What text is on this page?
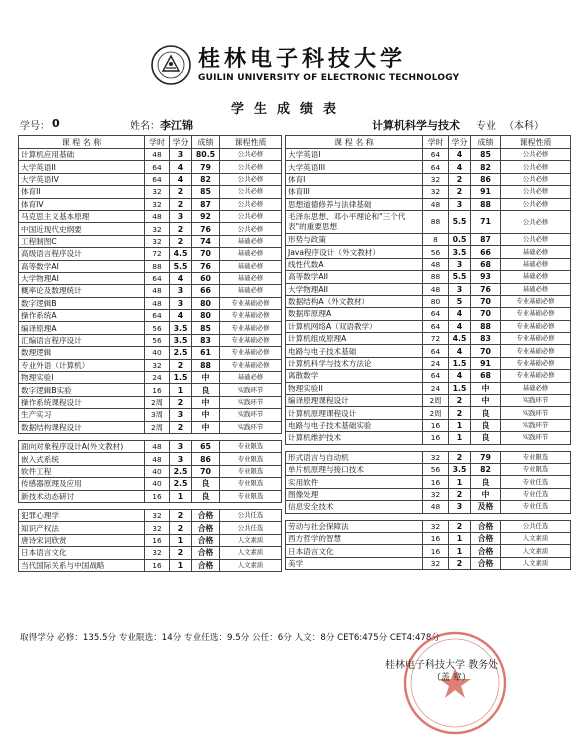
桂林电子科技大学
GUILIN UNIVERSITY OF ELECTRONIC TECHNOLOGY
学生成绩表
学号： 0	姓名： 李江锦	计算机科学与技术 专业 （本科）
课 程 名 称	学时	学分	成绩	课程性质
计算机应用基础	48	3	80.5	公共必修
大学英语II	64	4	79	公共必修
大学英语IV	64	4	82	公共必修
体育II	32	2	85	公共必修
体育IV	32	2	87	公共必修
马克思主义基本原理	48	3	92	公共必修
中国近现代史纲要	32	2	76	公共必修
工程制图C	32	2	74	基础必修
高级语言程序设计	72	4.5	70	基础必修
高等数学AI	88	5.5	76	基础必修
大学物理AI	64	4	60	基础必修
概率论及数理统计	48	3	66	基础必修
数字逻辑B	48	3	80	专业基础必修
操作系统A	64	4	80	专业基础必修
编译原理A	56	3.5	85	专业基础必修
汇编语言程序设计	56	3.5	83	专业基础必修
数理逻辑	40	2.5	61	专业基础必修
专业外语（计算机）	32	2	88	专业基础必修
物理实验I	24	1.5	中	基础必修
数字逻辑B实验	16	1	良	实践环节
操作系统课程设计	2周	2	中	实践环节
生产实习	3周	3	中	实践环节
数据结构课程设计	2周	2	中	实践环节

面向对象程序设计A(外文教材)	48	3	65	专业限选
嵌入式系统	48	3	86	专业限选
软件工程	40	2.5	70	专业限选
传感器原理及应用	40	2.5	良	专业限选
新技术动态研讨	16	1	良	专业限选

犯罪心理学	32	2	合格	公共任选
知识产权法	32	2	合格	公共任选
唐诗宋词欣赏	16	1	合格	人文素质
日本语言文化	32	2	合格	人文素质
当代国际关系与中国战略	16	1	合格	人文素质
课 程 名 称	学时	学分	成绩	课程性质
大学英语I	64	4	85	公共必修
大学英语III	64	4	82	公共必修
体育I	32	2	86	公共必修
体育III	32	2	91	公共必修
思想道德修养与法律基础	48	3	88	公共必修
毛泽东思想、邓小平理论和"三个代表"的重要思想	88	5.5	71	公共必修
形势与政策	8	0.5	87	公共必修
Java程序设计（外文教材）	56	3.5	66	基础必修
线性代数A	48	3	68	基础必修
高等数学AII	88	5.5	93	基础必修
大学物理AII	48	3	76	基础必修
数据结构A（外文教材）	80	5	70	专业基础必修
数据库原理A	64	4	70	专业基础必修
计算机网络A（双语教学）	64	4	88	专业基础必修
计算机组成原理A	72	4.5	83	专业基础必修
电路与电子技术基础	64	4	70	专业基础必修
计算机科学与技术方法论	24	1.5	91	专业基础必修
离散数学	64	4	68	专业基础必修
物理实验II	24	1.5	中	基础必修
编译原理课程设计	2周	2	中	实践环节
计算机原理课程设计	2周	2	良	实践环节
电路与电子技术基础实验	16	1	良	实践环节
计算机维护技术	16	1	良	实践环节

形式语言与自动机	32	2	79	专业限选
单片机原理与接口技术	56	3.5	82	专业限选
实用软件	16	1	良	专业任选
图像处理	32	2	中	专业任选
信息安全技术	48	3	及格	专业任选

劳动与社会保障法	32	2	合格	公共任选
西方哲学的智慧	16	1	合格	人文素质
日本语言文化	16	1	合格	人文素质
美学	32	2	合格	人文素质
取得学分 必修：135.5分 专业限选：14分 专业任选：9.5分 公任：6分 人文：8分 CET6:475分 CET4:478分
桂林电子科技大学 教务处
（盖 章）
